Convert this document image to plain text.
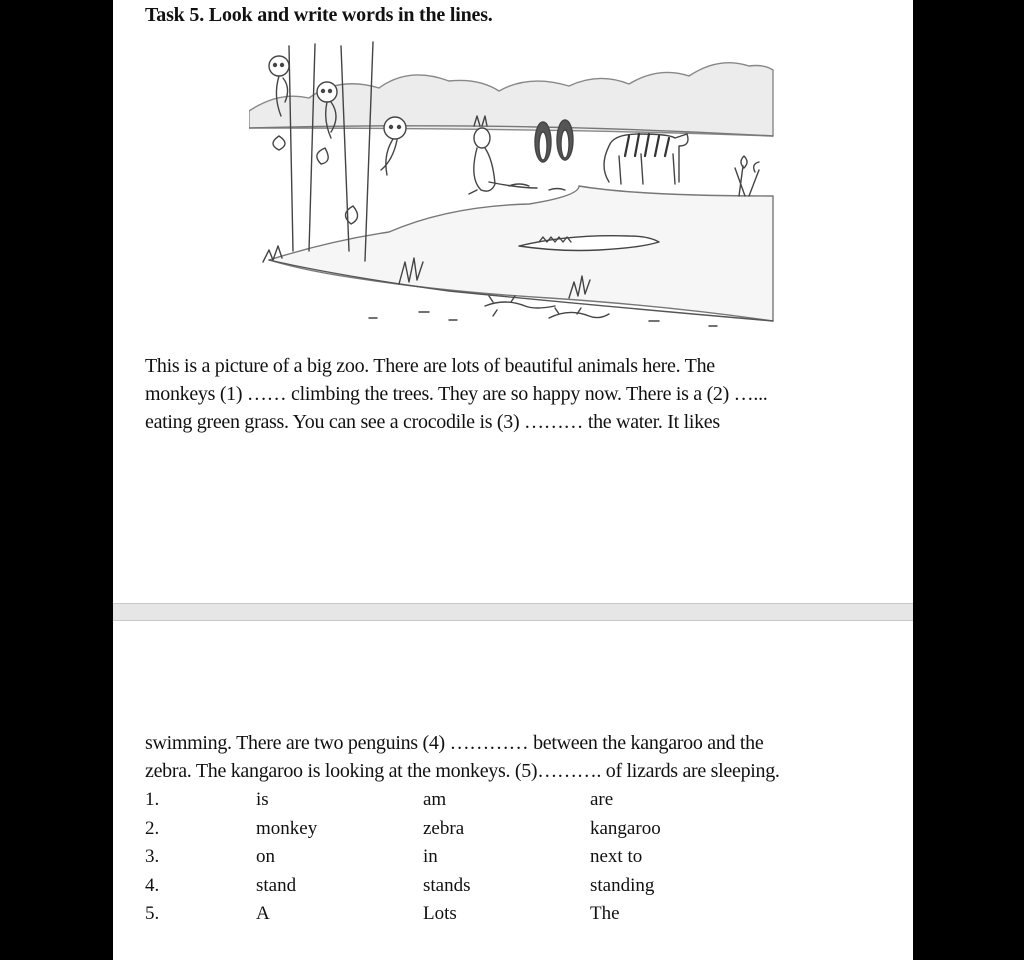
Task 5. Look and write words in the lines.
This is a picture of a big zoo. There are lots of beautiful animals here. The
monkeys (1) …… climbing the trees. They are so happy now. There is a (2) …...
eating green grass. You can see a crocodile is (3) ……… the water. It likes
swimming. There are two penguins (4) ………… between the kangaroo and the
zebra. The kangaroo is looking at the monkeys. (5)………. of lizards are sleeping.
1.	is	am	are
2.	monkey	zebra	kangaroo
3.	on	in	next to
4.	stand	stands	standing
5.	A	Lots	The
